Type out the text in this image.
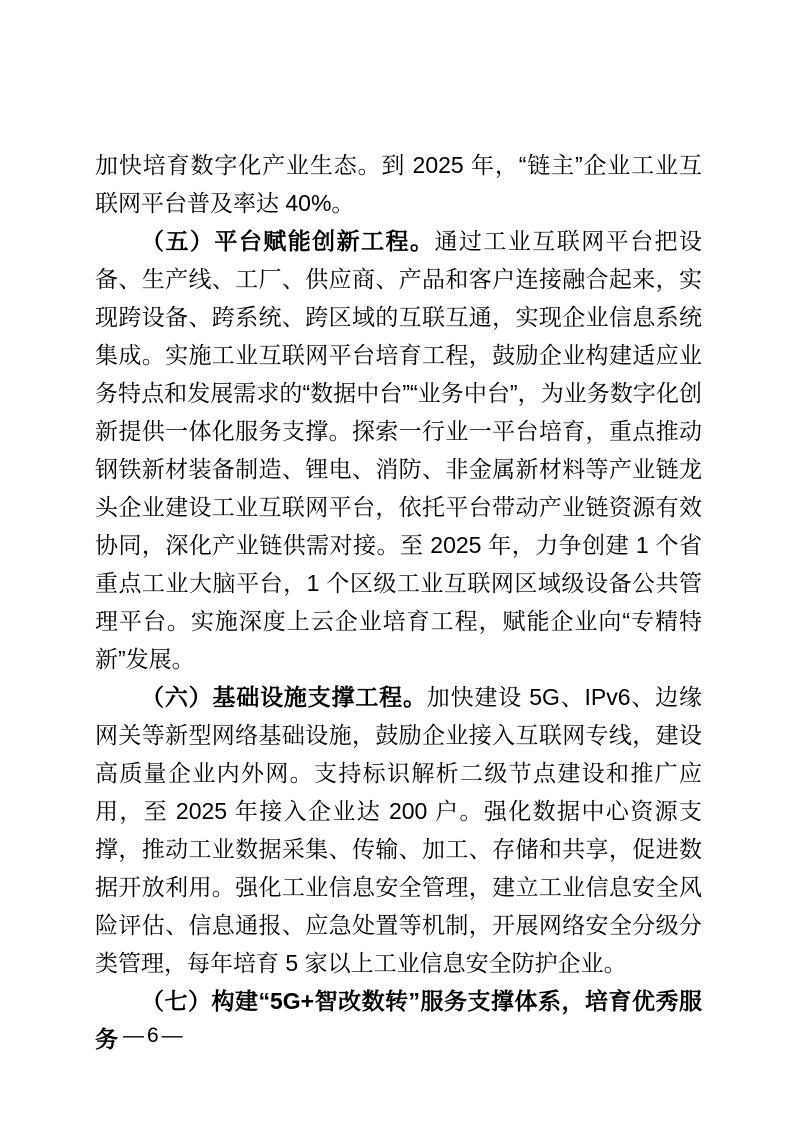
加快培育数字化产业生态。到 2025 年，“链主”企业工业互联网平台普及率达 40%。

（五）平台赋能创新工程。通过工业互联网平台把设备、生产线、工厂、供应商、产品和客户连接融合起来，实现跨设备、跨系统、跨区域的互联互通，实现企业信息系统集成。实施工业互联网平台培育工程，鼓励企业构建适应业务特点和发展需求的“数据中台”“业务中台”，为业务数字化创新提供一体化服务支撑。探索一行业一平台培育，重点推动钢铁新材装备制造、锂电、消防、非金属新材料等产业链龙头企业建设工业互联网平台，依托平台带动产业链资源有效协同，深化产业链供需对接。至 2025 年，力争创建 1 个省重点工业大脑平台，1 个区级工业互联网区域级设备公共管理平台。实施深度上云企业培育工程，赋能企业向“专精特新”发展。

（六）基础设施支撑工程。加快建设 5G、IPv6、边缘网关等新型网络基础设施，鼓励企业接入互联网专线，建设高质量企业内外网。支持标识解析二级节点建设和推广应用，至 2025 年接入企业达 200 户。强化数据中心资源支撑，推动工业数据采集、传输、加工、存储和共享，促进数据开放利用。强化工业信息安全管理，建立工业信息安全风险评估、信息通报、应急处置等机制，开展网络安全分级分类管理，每年培育 5 家以上工业信息安全防护企业。

（七）构建“5G+智改数转”服务支撑体系，培育优秀服务 —6—
